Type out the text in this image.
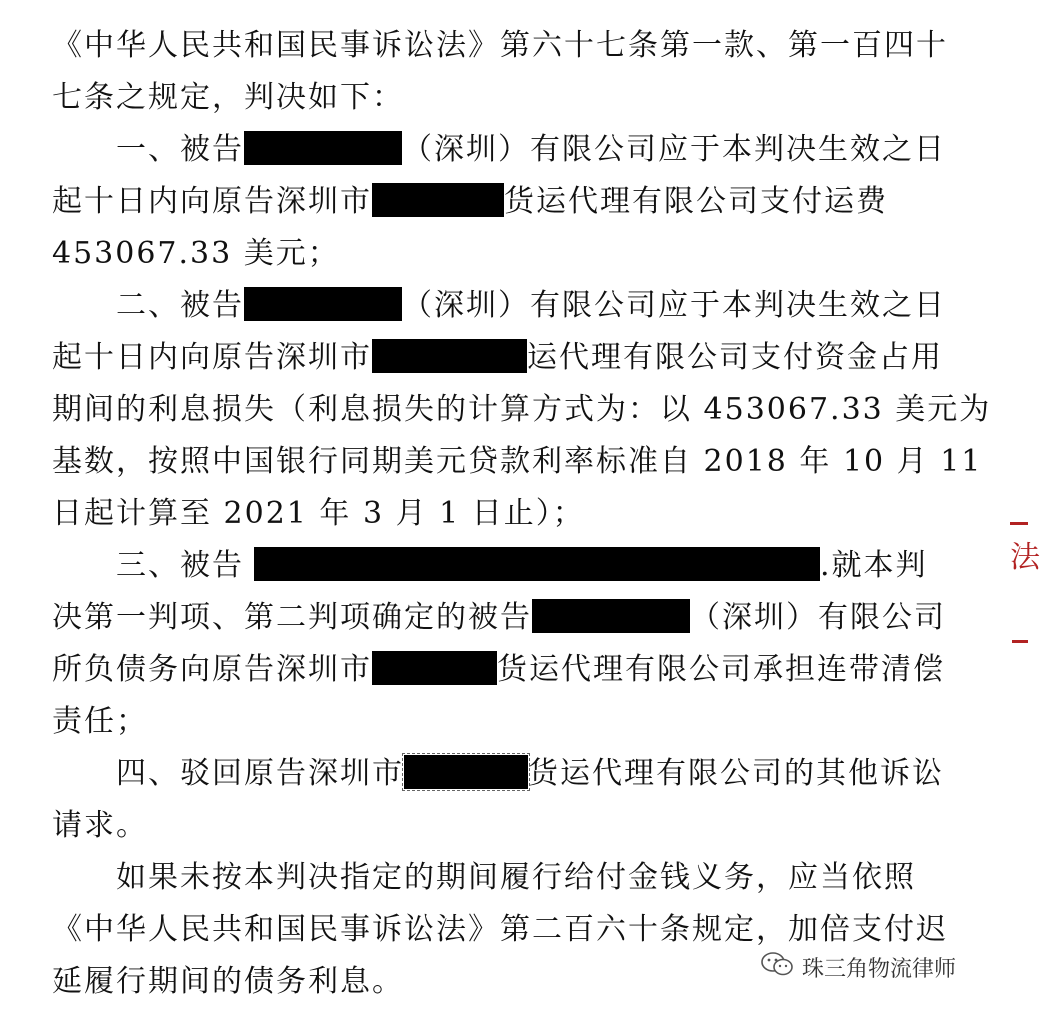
《中华人民共和国民事诉讼法》第六十七条第一款、第一百四十
七条之规定，判决如下：
　　一、被告	（深圳）有限公司应于本判决生效之日
起十日内向原告深圳市	货运代理有限公司支付运费
453067.33 美元；
　　二、被告	（深圳）有限公司应于本判决生效之日
起十日内向原告深圳市	运代理有限公司支付资金占用
期间的利息损失（利息损失的计算方式为：以 453067.33 美元为
基数，按照中国银行同期美元贷款利率标准自 2018 年 10 月 11
日起计算至 2021 年 3 月 1 日止）；
　　三、被告	.就本判
决第一判项、第二判项确定的被告	（深圳）有限公司
所负债务向原告深圳市	货运代理有限公司承担连带清偿
责任；
　　四、驳回原告深圳市	货运代理有限公司的其他诉讼
请求。
　　如果未按本判决指定的期间履行给付金钱义务，应当依照
《中华人民共和国民事诉讼法》第二百六十条规定，加倍支付迟
延履行期间的债务利息。
法
珠三角物流律师
